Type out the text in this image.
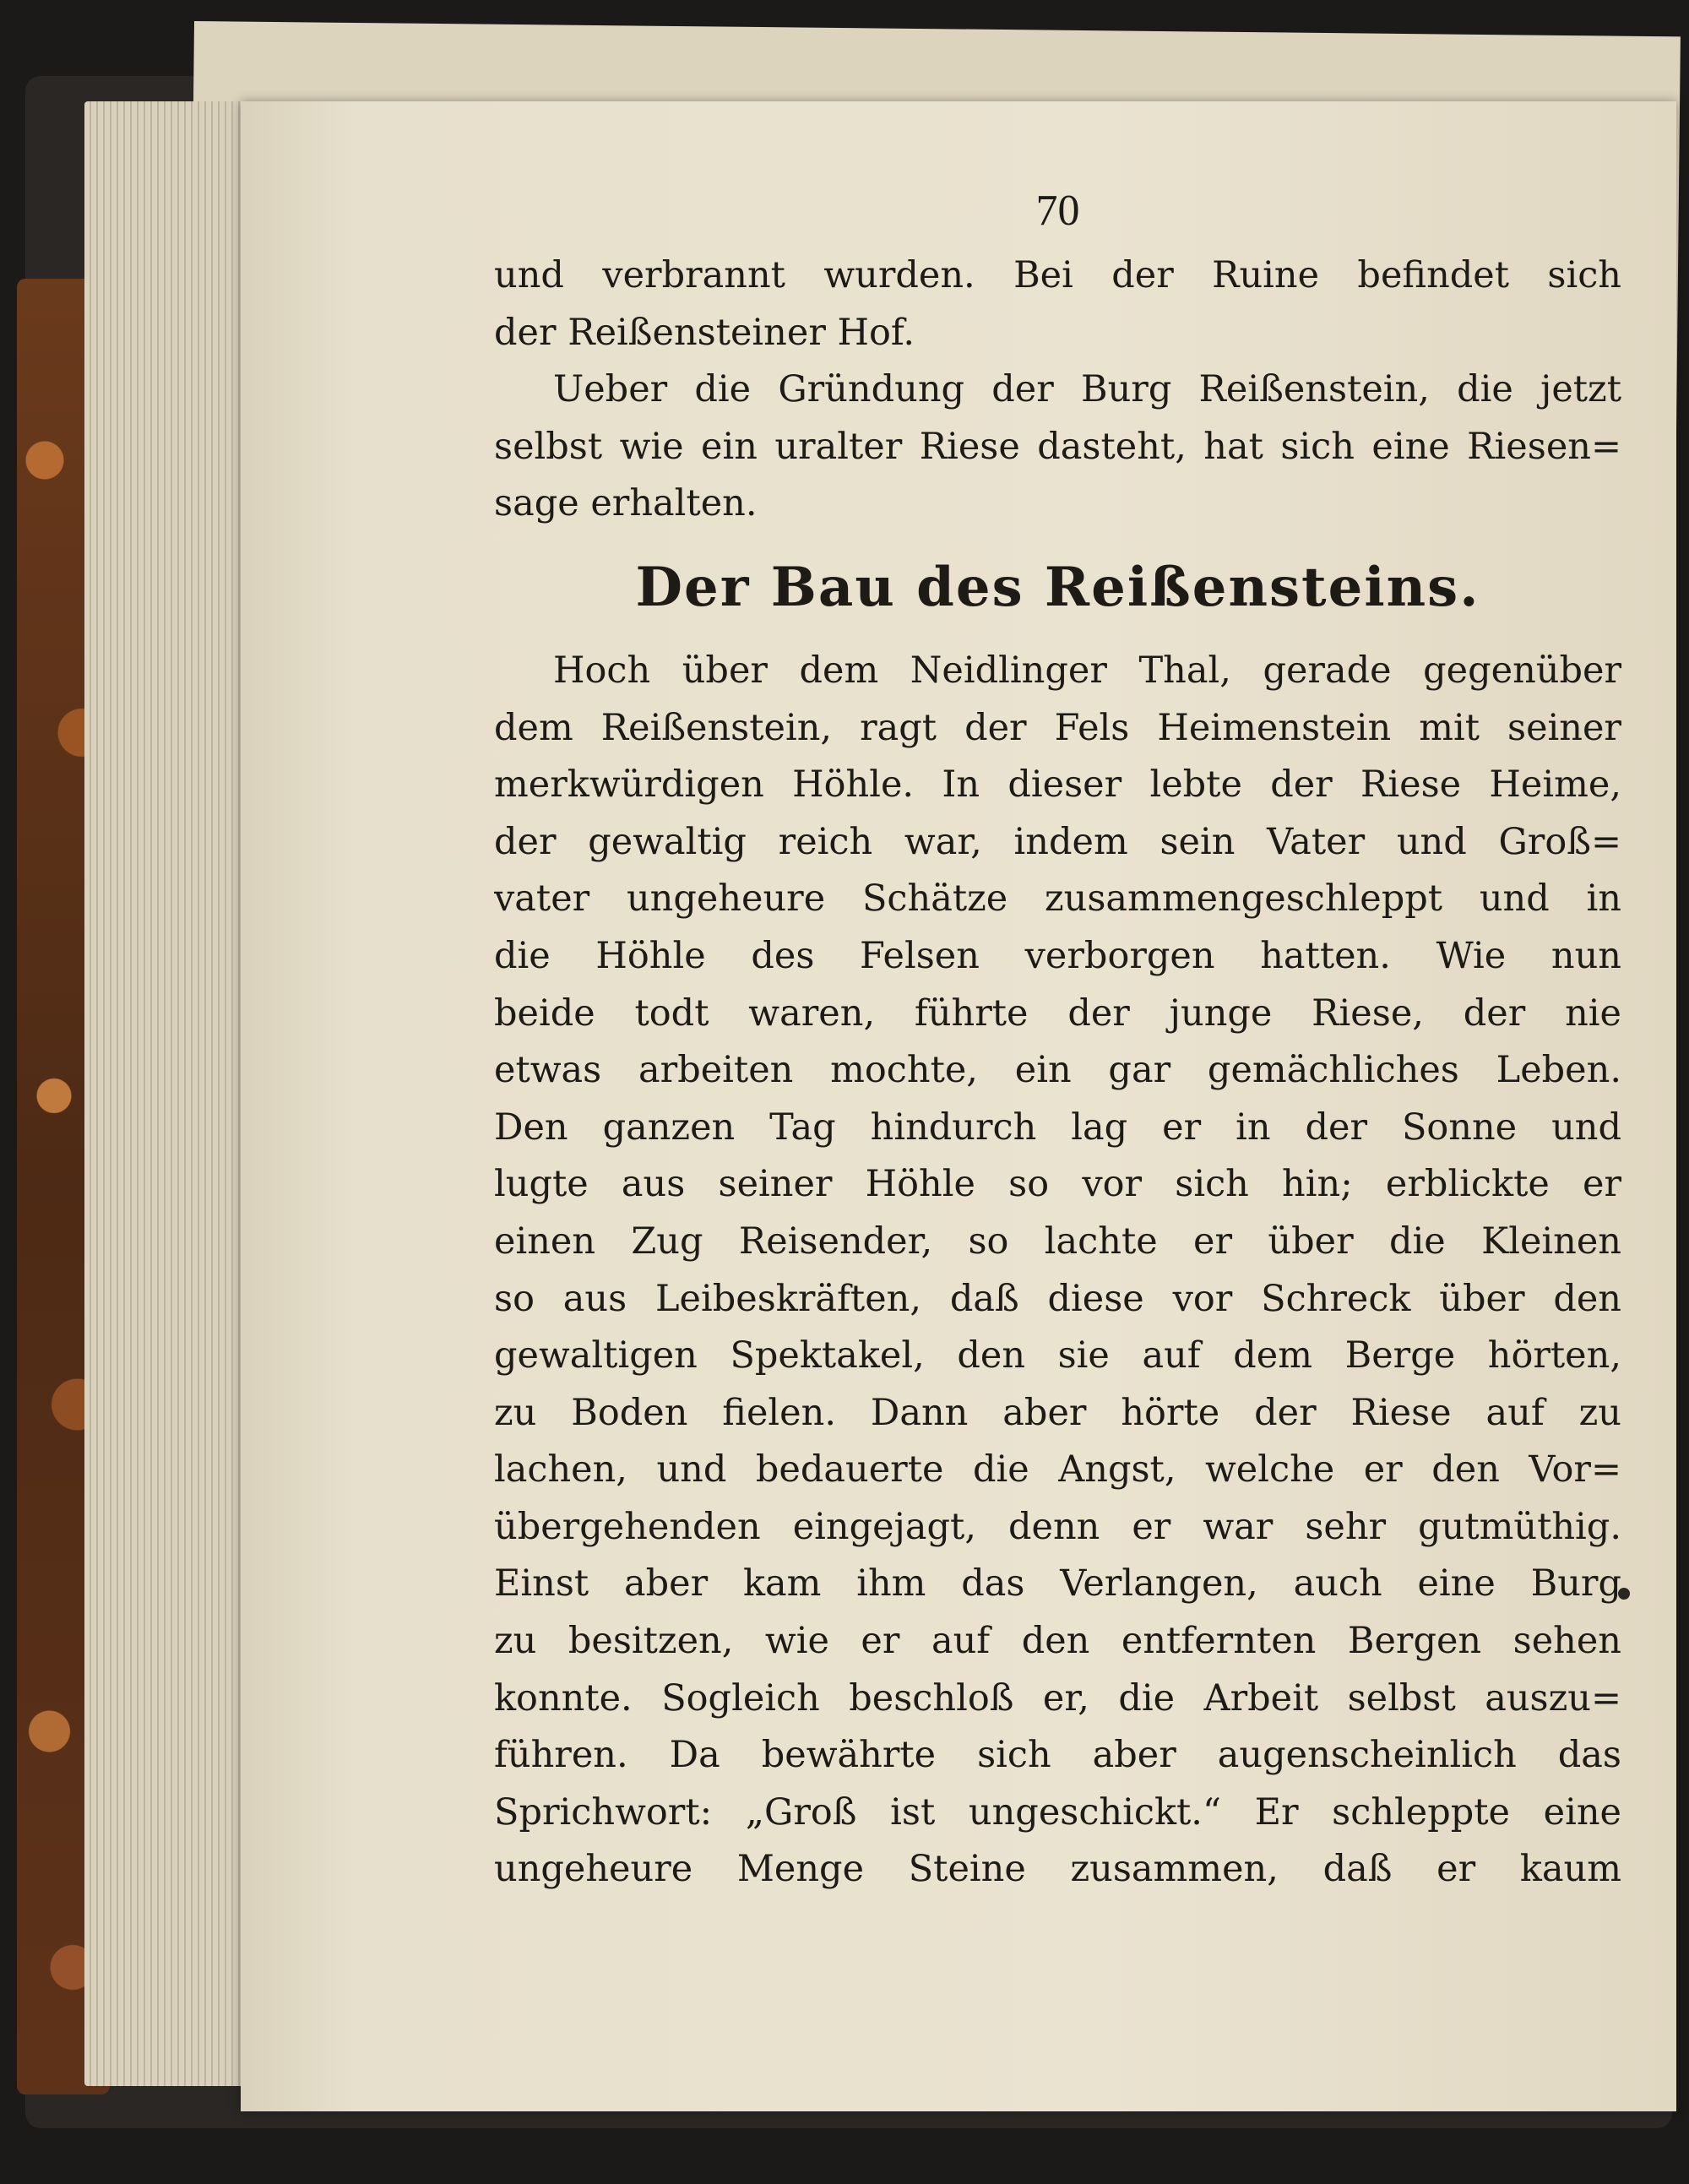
70
und verbrannt wurden. Bei der Ruine befindet sich
der Reißensteiner Hof.
Ueber die Gründung der Burg Reißenstein, die jetzt
selbst wie ein uralter Riese dasteht, hat sich eine Riesen=
sage erhalten.
Der Bau des Reißensteins.
Hoch über dem Neidlinger Thal, gerade gegenüber
dem Reißenstein, ragt der Fels Heimenstein mit seiner
merkwürdigen Höhle. In dieser lebte der Riese Heime,
der gewaltig reich war, indem sein Vater und Groß=
vater ungeheure Schätze zusammengeschleppt und in
die Höhle des Felsen verborgen hatten. Wie nun
beide todt waren, führte der junge Riese, der nie
etwas arbeiten mochte, ein gar gemächliches Leben.
Den ganzen Tag hindurch lag er in der Sonne und
lugte aus seiner Höhle so vor sich hin; erblickte er
einen Zug Reisender, so lachte er über die Kleinen
so aus Leibeskräften, daß diese vor Schreck über den
gewaltigen Spektakel, den sie auf dem Berge hörten,
zu Boden fielen. Dann aber hörte der Riese auf zu
lachen, und bedauerte die Angst, welche er den Vor=
übergehenden eingejagt, denn er war sehr gutmüthig.
Einst aber kam ihm das Verlangen, auch eine Burg
zu besitzen, wie er auf den entfernten Bergen sehen
konnte. Sogleich beschloß er, die Arbeit selbst auszu=
führen. Da bewährte sich aber augenscheinlich das
Sprichwort: „Groß ist ungeschickt.“ Er schleppte eine
ungeheure Menge Steine zusammen, daß er kaum
